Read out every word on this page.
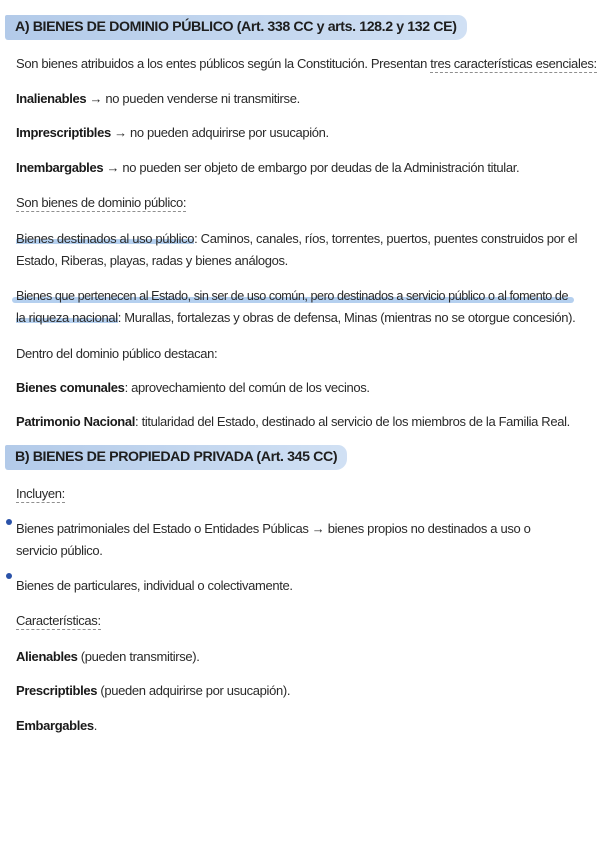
A) BIENES DE DOMINIO PÚBLICO (Art. 338 CC y arts. 128.2 y 132 CE)
Son bienes atribuidos a los entes públicos según la Constitución. Presentan tres características esenciales:
Inalienables → no pueden venderse ni transmitirse.
Imprescriptibles → no pueden adquirirse por usucapión.
Inembargables → no pueden ser objeto de embargo por deudas de la Administración titular.
Son bienes de dominio público:
Bienes destinados al uso público: Caminos, canales, ríos, torrentes, puertos, puentes construidos por el
Estado, Riberas, playas, radas y bienes análogos.
Bienes que pertenecen al Estado, sin ser de uso común, pero destinados a servicio público o al fomento de
la riqueza nacional: Murallas, fortalezas y obras de defensa, Minas (mientras no se otorgue concesión).
Dentro del dominio público destacan:
Bienes comunales: aprovechamiento del común de los vecinos.
Patrimonio Nacional: titularidad del Estado, destinado al servicio de los miembros de la Familia Real.
B) BIENES DE PROPIEDAD PRIVADA (Art. 345 CC)
Incluyen:
Bienes patrimoniales del Estado o Entidades Públicas → bienes propios no destinados a uso o
servicio público.
Bienes de particulares, individual o colectivamente.
Características:
Alienables (pueden transmitirse).
Prescriptibles (pueden adquirirse por usucapión).
Embargables.
